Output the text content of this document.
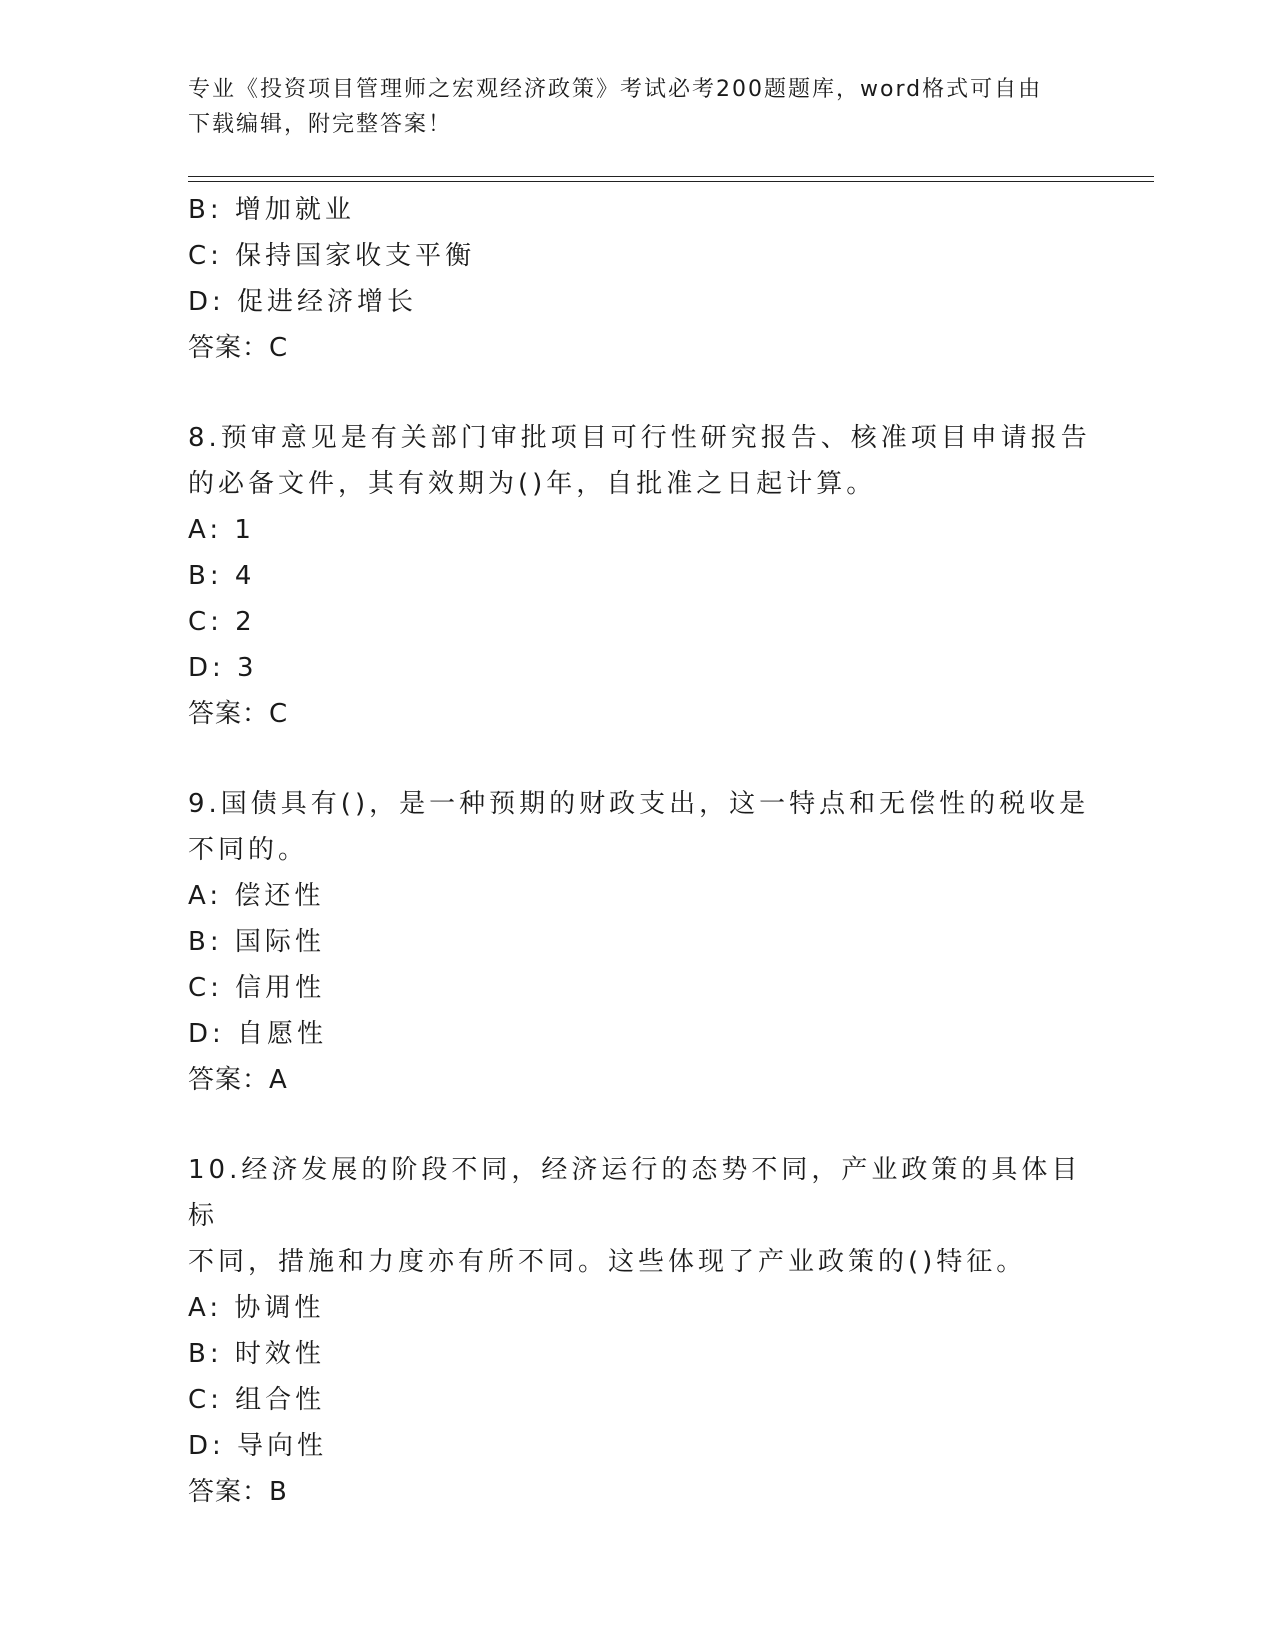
专业《投资项目管理师之宏观经济政策》考试必考200题题库，word格式可自由
下载编辑，附完整答案！
B: 增加就业
C: 保持国家收支平衡
D: 促进经济增长
答案：C
8.预审意见是有关部门审批项目可行性研究报告、核准项目申请报告
的必备文件，其有效期为()年，自批准之日起计算。
A: 1
B: 4
C: 2
D: 3
答案：C
9.国债具有()，是一种预期的财政支出，这一特点和无偿性的税收是
不同的。
A: 偿还性
B: 国际性
C: 信用性
D: 自愿性
答案：A
10.经济发展的阶段不同，经济运行的态势不同，产业政策的具体目标
不同，措施和力度亦有所不同。这些体现了产业政策的()特征。
A: 协调性
B: 时效性
C: 组合性
D: 导向性
答案：B
